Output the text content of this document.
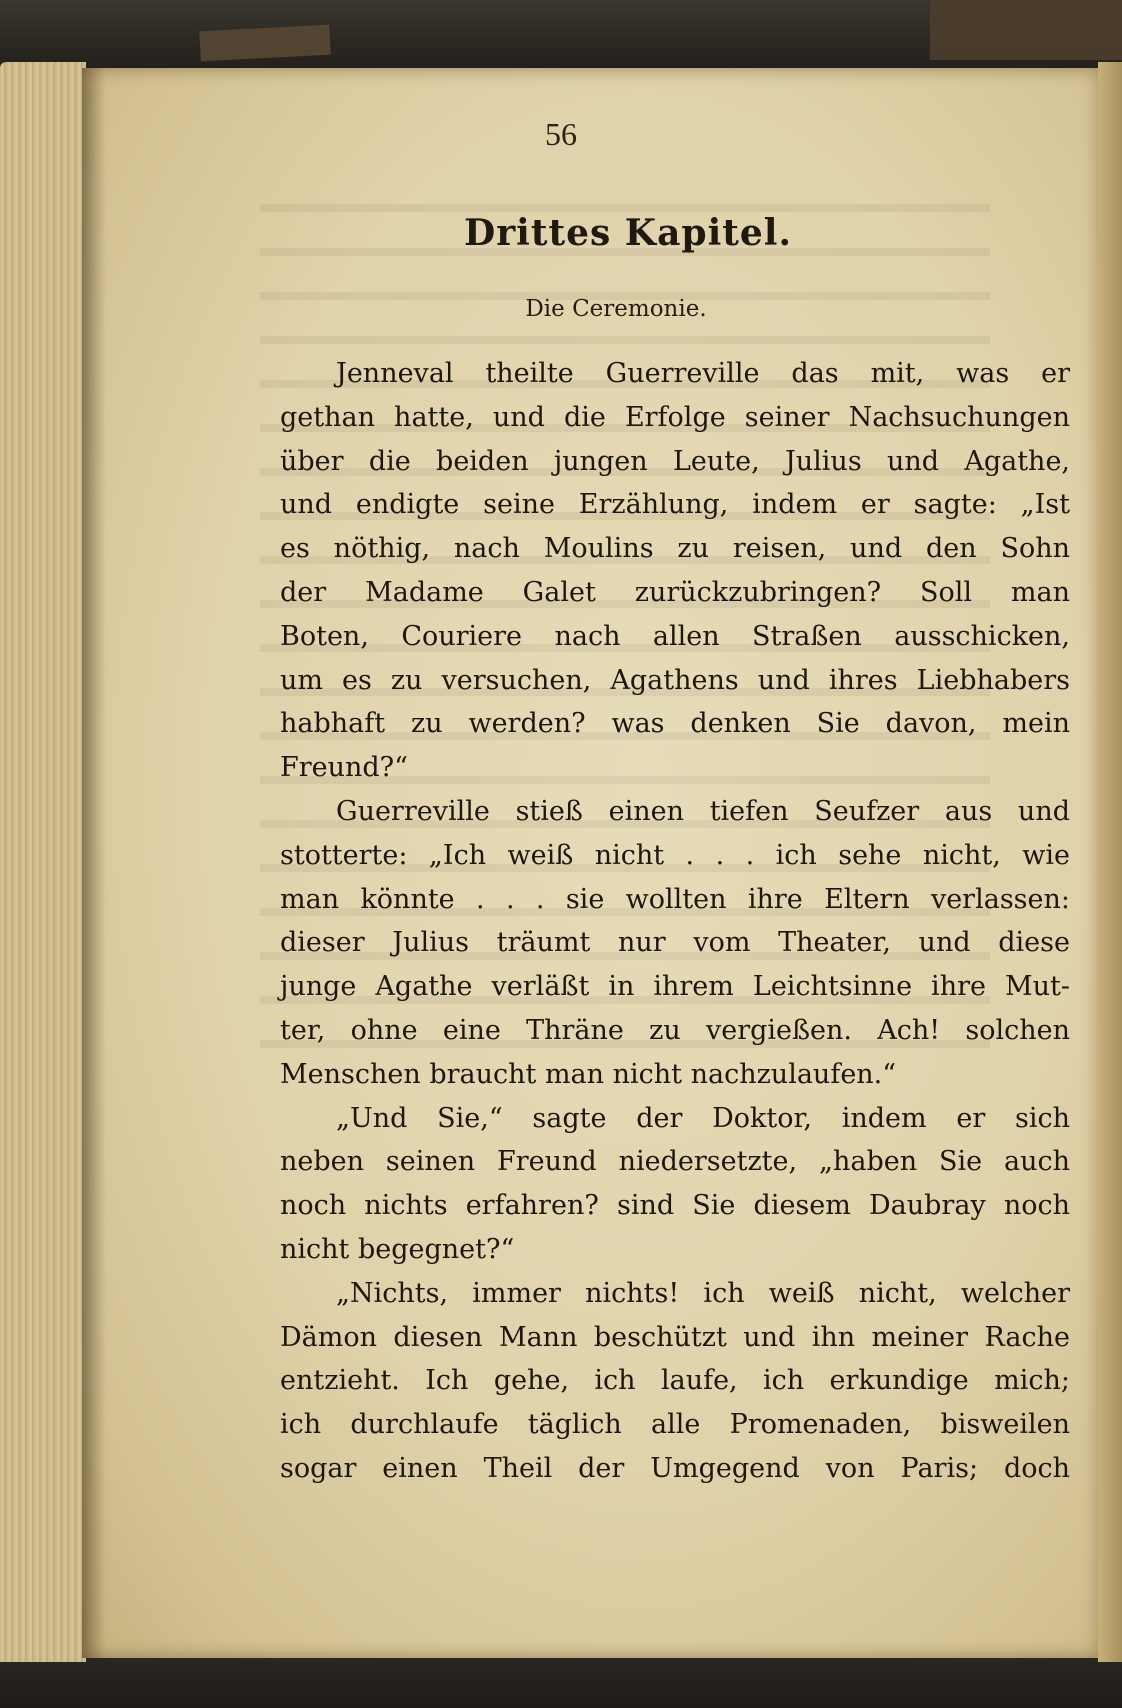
56
Drittes Kapitel.
Die Ceremonie.
Jenneval theilte Guerreville das mit, was er
gethan hatte, und die Erfolge seiner Nachsuchungen
über die beiden jungen Leute, Julius und Agathe,
und endigte seine Erzählung, indem er sagte: „Ist
es nöthig, nach Moulins zu reisen, und den Sohn
der Madame Galet zurückzubringen? Soll man
Boten, Couriere nach allen Straßen ausschicken,
um es zu versuchen, Agathens und ihres Liebhabers
habhaft zu werden? was denken Sie davon, mein
Freund?“
Guerreville stieß einen tiefen Seufzer aus und
stotterte: „Ich weiß nicht . . . ich sehe nicht, wie
man könnte . . . sie wollten ihre Eltern verlassen:
dieser Julius träumt nur vom Theater, und diese
junge Agathe verläßt in ihrem Leichtsinne ihre Mut-
ter, ohne eine Thräne zu vergießen. Ach! solchen
Menschen braucht man nicht nachzulaufen.“
„Und Sie,“ sagte der Doktor, indem er sich
neben seinen Freund niedersetzte, „haben Sie auch
noch nichts erfahren? sind Sie diesem Daubray noch
nicht begegnet?“
„Nichts, immer nichts! ich weiß nicht, welcher
Dämon diesen Mann beschützt und ihn meiner Rache
entzieht. Ich gehe, ich laufe, ich erkundige mich;
ich durchlaufe täglich alle Promenaden, bisweilen
sogar einen Theil der Umgegend von Paris; doch
